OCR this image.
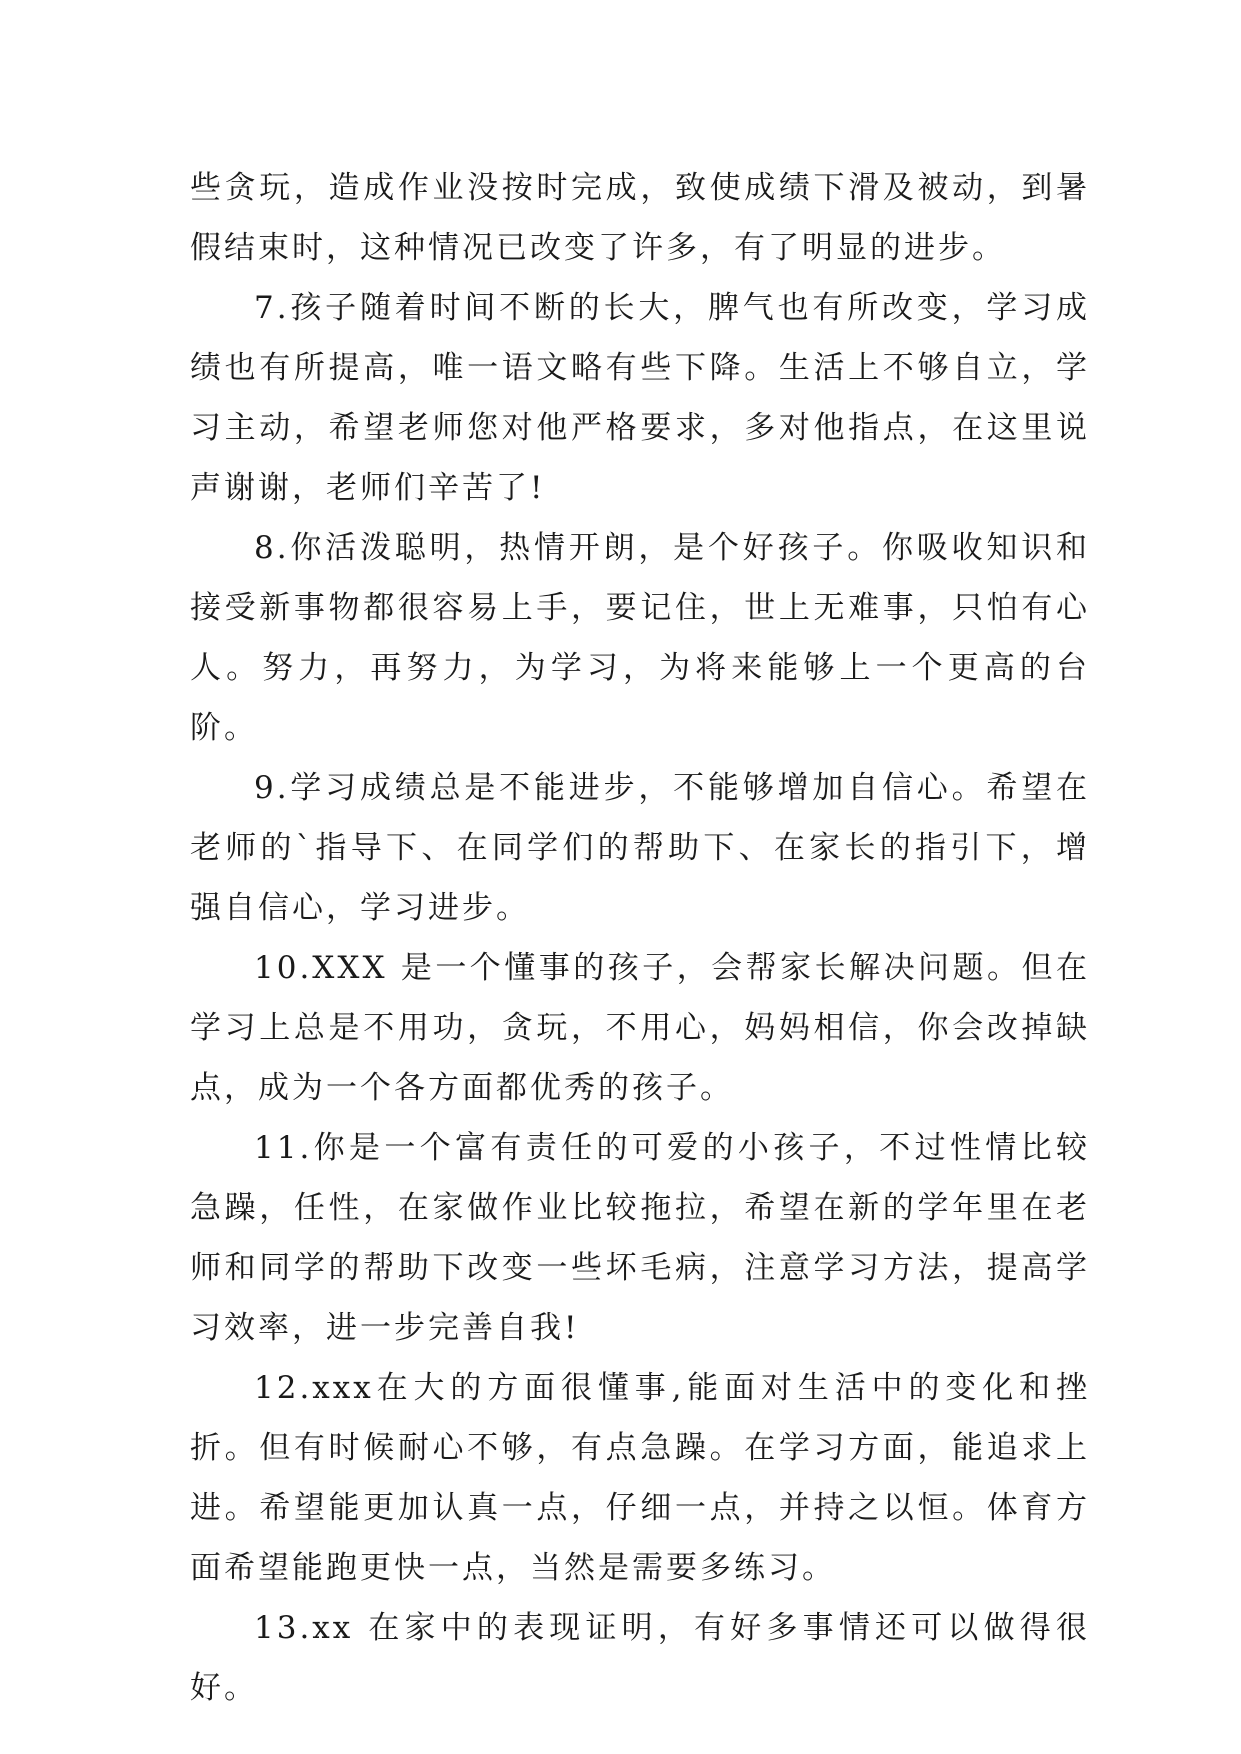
些贪玩，造成作业没按时完成，致使成绩下滑及被动，到暑假结束时，这种情况已改变了许多，有了明显的进步。

7.孩子随着时间不断的长大，脾气也有所改变，学习成绩也有所提高，唯一语文略有些下降。生活上不够自立，学习主动，希望老师您对他严格要求，多对他指点，在这里说声谢谢，老师们辛苦了!

8.你活泼聪明，热情开朗，是个好孩子。你吸收知识和接受新事物都很容易上手，要记住，世上无难事，只怕有心人。努力，再努力，为学习，为将来能够上一个更高的台阶。

9.学习成绩总是不能进步，不能够增加自信心。希望在老师的`指导下、在同学们的帮助下、在家长的指引下，增强自信心，学习进步。

10.XXX 是一个懂事的孩子，会帮家长解决问题。但在学习上总是不用功，贪玩，不用心，妈妈相信，你会改掉缺点，成为一个各方面都优秀的孩子。

11.你是一个富有责任的可爱的小孩子，不过性情比较急躁，任性，在家做作业比较拖拉，希望在新的学年里在老师和同学的帮助下改变一些坏毛病，注意学习方法，提高学习效率，进一步完善自我!

12.xxx在大的方面很懂事,能面对生活中的变化和挫折。但有时候耐心不够，有点急躁。在学习方面，能追求上进。希望能更加认真一点，仔细一点，并持之以恒。体育方面希望能跑更快一点，当然是需要多练习。

13.xx 在家中的表现证明，有好多事情还可以做得很好。
